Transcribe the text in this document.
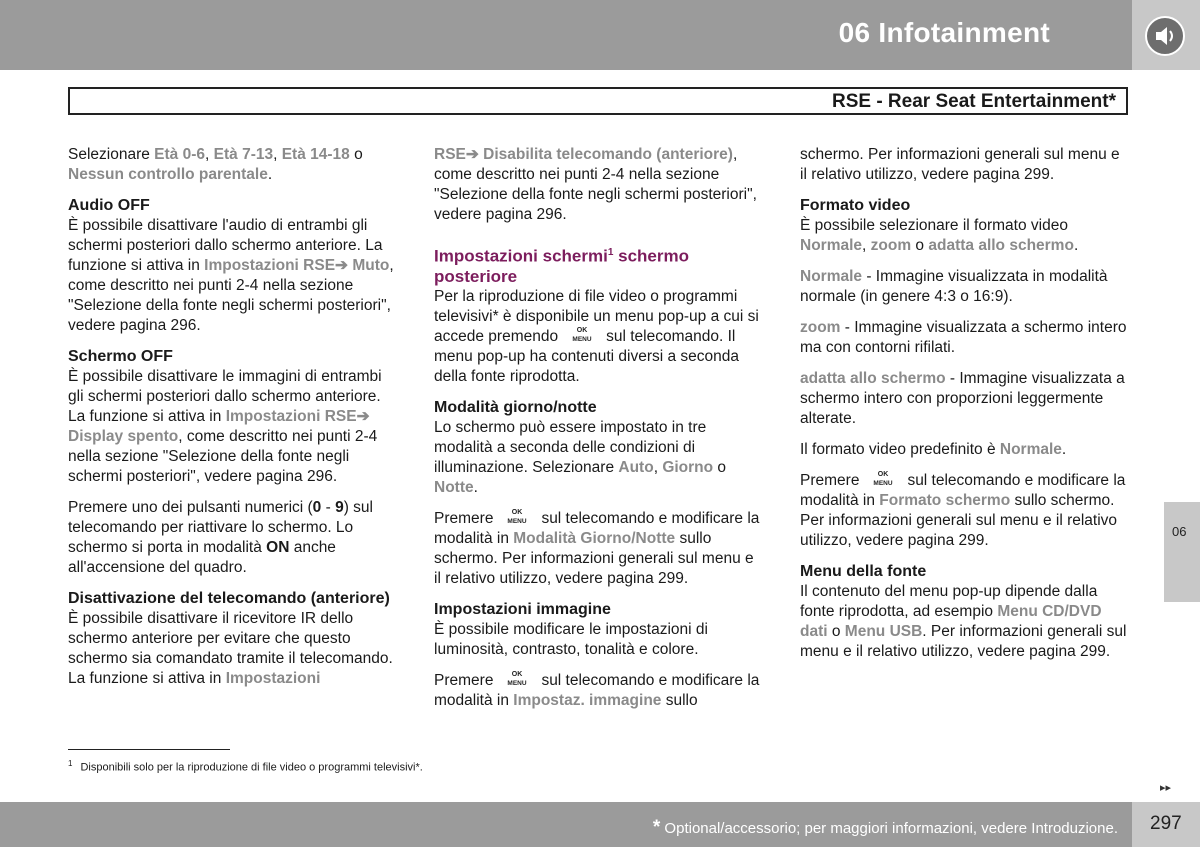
06 Infotainment
RSE - Rear Seat Entertainment*

Selezionare Età 0-6, Età 7-13, Età 14-18 o Nessun controllo parentale.

Audio OFF

È possibile disattivare l'audio di entrambi gli schermi posteriori dallo schermo anteriore. La funzione si attiva in Impostazioni RSE➔ Muto, come descritto nei punti 2-4 nella sezione "Selezione della fonte negli schermi posteriori", vedere pagina 296.

Schermo OFF

È possibile disattivare le immagini di entrambi gli schermi posteriori dallo schermo anteriore. La funzione si attiva in Impostazioni RSE➔ Display spento, come descritto nei punti 2-4 nella sezione "Selezione della fonte negli schermi posteriori", vedere pagina 296.

Premere uno dei pulsanti numerici (0 - 9) sul telecomando per riattivare lo schermo. Lo schermo si porta in modalità ON anche all'accensione del quadro.

Disattivazione del telecomando (anteriore)

È possibile disattivare il ricevitore IR dello schermo anteriore per evitare che questo schermo sia comandato tramite il telecomando. La funzione si attiva in Impostazioni

RSE➔ Disabilita telecomando (anteriore), come descritto nei punti 2-4 nella sezione "Selezione della fonte negli schermi posteriori", vedere pagina 296.

Impostazioni schermi$^1$ schermo posteriore

Per la riproduzione di file video o programmi televisivi* è disponibile un menu pop-up a cui si accede premendo	OK
MENU sul telecomando. Il menu pop-up ha contenuti diversi a seconda della fonte riprodotta.

Modalità giorno/notte

Lo schermo può essere impostato in tre modalità a seconda delle condizioni di illuminazione. Selezionare Auto, Giorno o Notte.

Premere	OK
MENU sul telecomando e modificare la modalità in Modalità Giorno/Notte sullo schermo. Per informazioni generali sul menu e il relativo utilizzo, vedere pagina 299.

Impostazioni immagine

È possibile modificare le impostazioni di luminosità, contrasto, tonalità e colore.

Premere	OK
MENU sul telecomando e modificare la modalità in Impostaz. immagine sullo

schermo. Per informazioni generali sul menu e il relativo utilizzo, vedere pagina 299.

Formato video

È possibile selezionare il formato video Normale, zoom o adatta allo schermo.

Normale - Immagine visualizzata in modalità normale (in genere 4:3 o 16:9).

zoom - Immagine visualizzata a schermo intero ma con contorni rifilati.

adatta allo schermo - Immagine visualizzata a schermo intero con proporzioni leggermente alterate.

Il formato video predefinito è Normale.

Premere	OK
MENU sul telecomando e modificare la modalità in Formato schermo sullo schermo. Per informazioni generali sul menu e il relativo utilizzo, vedere pagina 299.

Menu della fonte

Il contenuto del menu pop-up dipende dalla fonte riprodotta, ad esempio Menu CD/DVD dati o Menu USB. Per informazioni generali sul menu e il relativo utilizzo, vedere pagina 299.

06
$^1$ Disponibili solo per la riproduzione di file video o programmi televisivi*.
▸▸
* Optional/accessorio; per maggiori informazioni, vedere Introduzione. 297
